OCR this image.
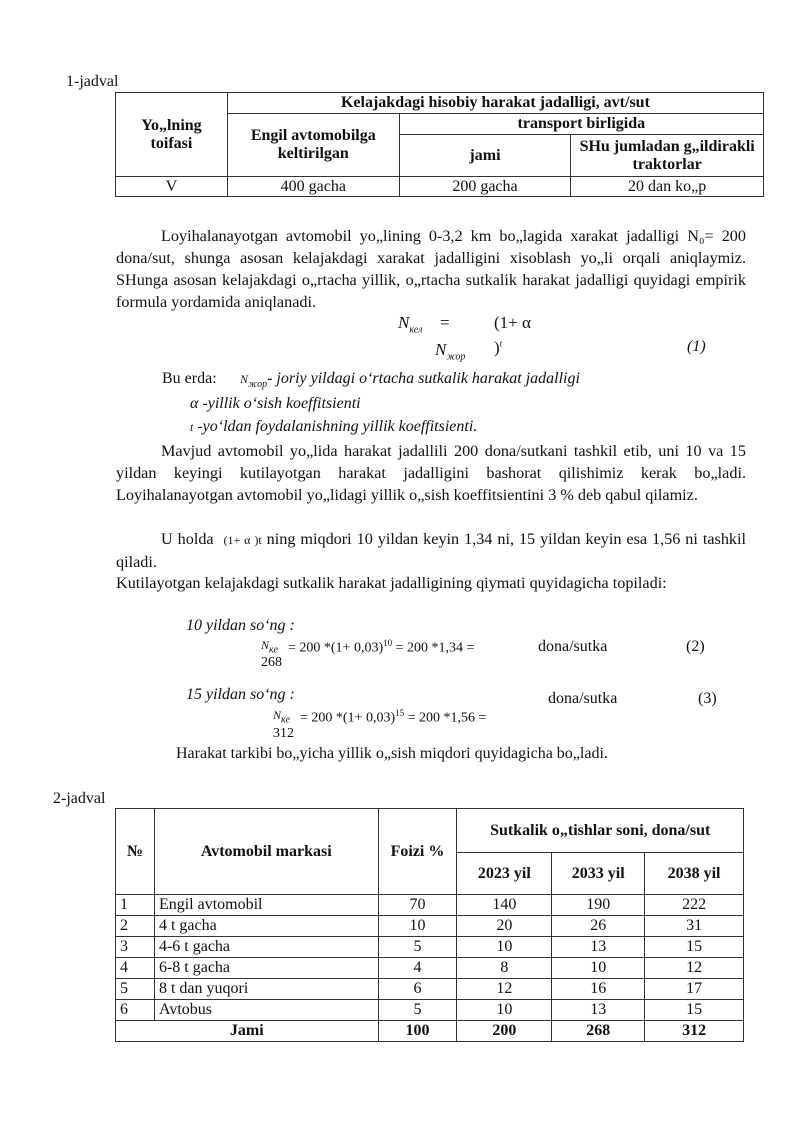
1-jadval
Yo„lning toifasi	Kelajakdagi hisobiy harakat jadalligi, avt/sut		
	Engil avtomobilga keltirilgan	transport birligida	
		jami	SHu jumladan g„ildirakli traktorlar
V	400 gacha	200 gacha	20 dan ko„p
Loyihalanayotgan avtomobil yo„lining 0-3,2 km bo„lagida xarakat jadalligi N₀= 200 dona/sut, shunga asosan kelajakdagi xarakat jadalligini xisoblash yo„li orqali aniqlaymiz. SHunga asosan kelajakdagi o„rtacha yillik, o„rtacha sutkalik harakat jadalligi quyidagi empirik formula yordamida aniqlanadi.
$N_{кел}$ =	(1+ α
$N_{жор}$ )$^t$	(1)
Bu erda: $N_{жор}-$ joriy yildagi o‘rtacha sutkalik harakat jadalligi
α -yillik o‘sish koeffitsienti
t -yo‘ldan foydalanishning yillik koeffitsienti.
Mavjud avtomobil yo„lida harakat jadallili 200 dona/sutkani tashkil etib, uni 10 va 15 yildan keyingi kutilayotgan harakat jadalligini bashorat qilishimiz kerak bo„ladi. Loyihalanayotgan avtomobil yo„lidagi yillik o„sish koeffitsientini 3 % deb qabul qilamiz.
U holda (1+ α )t ning miqdori 10 yildan keyin 1,34 ni, 15 yildan keyin esa 1,56 ni tashkil qiladi.
Kutilayotgan kelajakdagi sutkalik harakat jadalligining qiymati quyidagicha topiladi:
10 yildan so‘ng :
$N_{ке} = 200$ $*(1+ 0,03)^{10} = 200$ *1,34 =
268
dona/sutka	(2)
15 yildan so‘ng :
$N_{ке} = 200$ $*(1+ 0,03)^{15} = 200$ *1,56 =
312
dona/sutka	(3)
Harakat tarkibi bo„yicha yillik o„sish miqdori quyidagicha bo„ladi.
2-jadval
№	Avtomobil markasi	Foizi %	Sutkalik o„tishlar soni, dona/sut		
			2023 yil	2033 yil	2038 yil
1	Engil avtomobil	70	140	190	222
2	4 t gacha	10	20	26	31
3	4-6 t gacha	5	10	13	15
4	6-8 t gacha	4	8	10	12
5	8 t dan yuqori	6	12	16	17
6	Avtobus	5	10	13	15
Jami		100	200	268	312
